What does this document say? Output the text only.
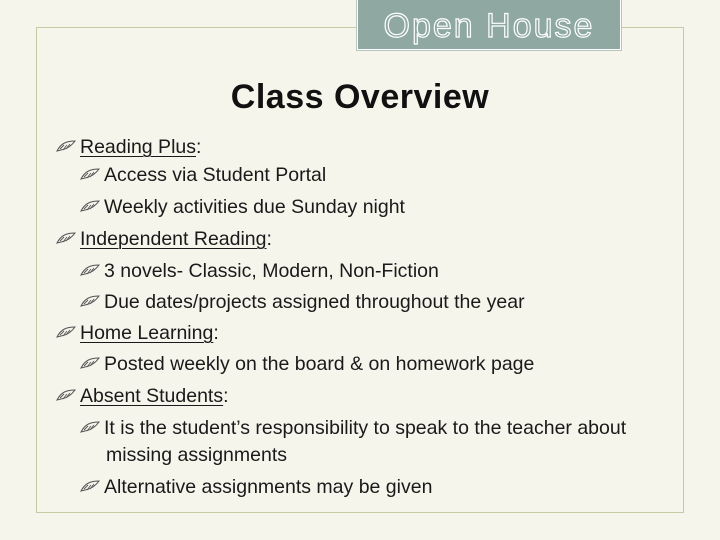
Open House
Class Overview
Reading Plus:
Access via Student Portal
Weekly activities due Sunday night
Independent Reading:
3 novels- Classic, Modern, Non-Fiction
Due dates/projects assigned throughout the year
Home Learning:
Posted weekly on the board & on homework page
Absent Students:
It is the student’s responsibility to speak to the teacher about missing assignments
Alternative assignments may be given
